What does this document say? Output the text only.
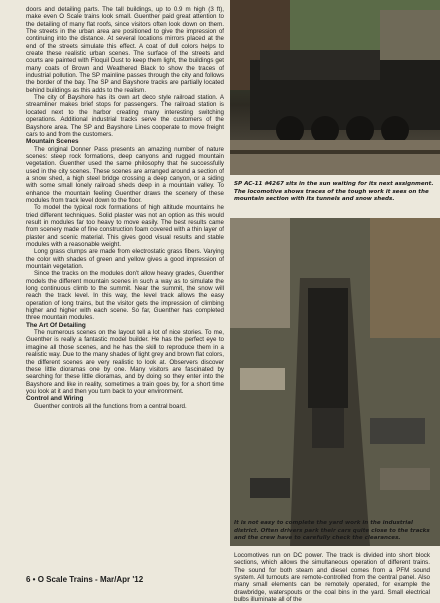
doors and detailing parts. The tall buildings, up to 0.9 m high (3 ft), make even O Scale trains look small. Guenther paid great attention to the detailing of many flat roofs, since visitors often look down on them. The streets in the urban area are positioned to give the impression of continuing into the distance. At several locations mirrors placed at the end of the streets simulate this effect. A coat of dull colors helps to create these realistic urban scenes. The surface of the streets and courts are painted with Floquil Dust to keep them light, the buildings get many coats of Brown and Weathered Black to show the traces of industrial pollution. The SP mainline passes through the city and follows the border of the bay. The SP and Bayshore tracks are partially located behind buildings as this adds to the realism.

The city of Bayshore has its own art deco style railroad station. A streamliner makes brief stops for passengers. The railroad station is located next to the harbor creating many interesting switching operations. Additional industrial tracks serve the customers of the Bayshore area. The SP and Bayshore Lines cooperate to move freight cars to and from the customers.

Mountain Scenes

The original Donner Pass presents an amazing number of nature scenes: steep rock formations, deep canyons and rugged mountain vegetation. Guenther used the same philosophy that he successfully used in the city scenes. These scenes are arranged around a section of a snow shed, a high steel bridge crossing a deep canyon, or a siding with some small lonely railroad sheds deep in a mountain valley. To enhance the mountain feeling Guenther draws the scenery of these modules from track level down to the floor.

To model the typical rock formations of high altitude mountains he tried different techniques. Solid plaster was not an option as this would result in modules far too heavy to move easily. The best results came from scenery made of fine construction foam covered with a thin layer of plaster and scenic material. This gives good visual results and stable modules with a reasonable weight.

Long grass clumps are made from electrostatic grass fibers. Varying the color with shades of green and yellow gives a good impression of mountain vegetation.

Since the tracks on the modules don't allow heavy grades, Guenther models the different mountain scenes in such a way as to simulate the long continuous climb to the summit. Near the summit, the snow will reach the track level. In this way, the level track allows the easy operation of long trains, but the visitor gets the impression of climbing higher and higher with each scene. So far, Guenther has completed three mountain modules.

The Art Of Detailing

The numerous scenes on the layout tell a lot of nice stories. To me, Guenther is really a fantastic model builder. He has the perfect eye to imagine all those scenes, and he has the skill to reproduce them in a realistic way. Due to the many shades of light grey and brown flat colors, the different scenes are very realistic to look at. Observers discover these little dioramas one by one. Many visitors are fascinated by searching for these little dioramas, and by doing so they enter into the Bayshore and like in reality, sometimes a train goes by, for a short time you look at it and then you turn back to your environment.

Control and Wiring

Guenther controls all the functions from a central board.

SP AC-11 #4267 sits in the sun waiting for its next assignment. The locomotive shows traces of the tough work it sees on the mountain section with its tunnels and snow sheds.
It is not easy to complete the yard work in the industrial district. Often drivers park their cars quite close to the tracks and the crew have to carefully check the clearances.

Locomotives run on DC power. The track is divided into short block sections, which allows the simultaneous operation of different trains. The sound for both steam and diesel comes from a PFM sound system. All turnouts are remote-controlled from the central panel. Also many small elements can be remotely operated, for example the drawbridge, waterspouts or the coal bins in the yard. Small electrical bulbs illuminate all of the

6 • O Scale Trains - Mar/Apr '12
